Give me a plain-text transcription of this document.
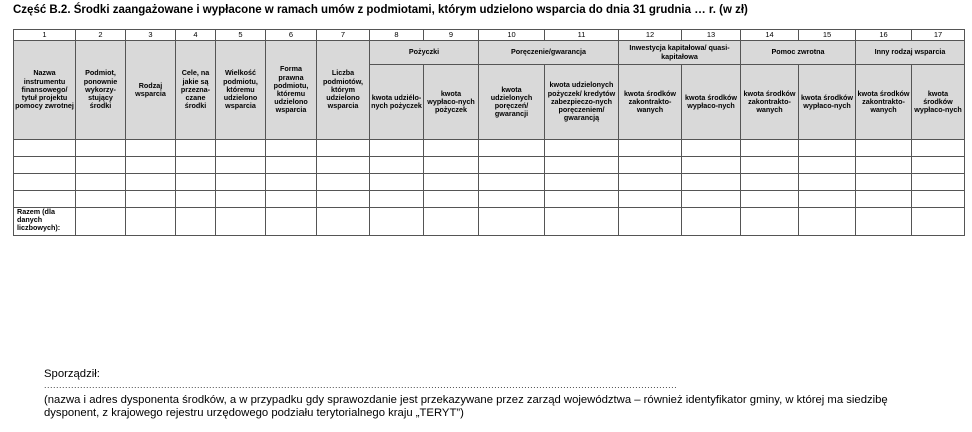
Część B.2. Środki zaangażowane i wypłacone w ramach umów z podmiotami, którym udzielono wsparcia do dnia 31 grudnia … r. (w zł)
1	2	3	4	5	6	7	8	9	10	11	12	13	14	15	16	17
Nazwa instrumentu finansowego/ tytuł projektu pomocy zwrotnej	Podmiot, ponownie wykorzy-stujący środki	Rodzaj wsparcia	Cele, na jakie są przezna-czane środki	Wielkość podmiotu, któremu udzielono wsparcia	Forma prawna podmiotu, któremu udzielono wsparcia	Liczba podmiotów, którym udzielono wsparcia	Pożyczki		Poręczenie/gwarancja		Inwestycja kapitałowa/ quasi-kapitałowa		Pomoc zwrotna		Inny rodzaj wsparcia	
							kwota udziélo-nych pożyczek	kwota wypłaco-nych pożyczek	kwota udzielonych poręczeń/ gwarancji	kwota udzielonych pożyczek/ kredytów zabezpieczo-nych poręczeniem/ gwarancją	kwota środków zakontrakto-wanych	kwota środków wypłaco-nych	kwota środków zakontrakto-wanych	kwota środków wypłaco-nych	kwota środków zakontrakto-wanych	kwota środków wypłaco-nych

Razem (dla danych liczbowych):																
Sporządził:
...................................................................................................................................................................................................................
(nazwa i adres dysponenta środków, a w przypadku gdy sprawozdanie jest przekazywane przez zarząd województwa – również identyfikator gminy, w której ma siedzibę
dysponent, z krajowego rejestru urzędowego podziału terytorialnego kraju „TERYT”)
